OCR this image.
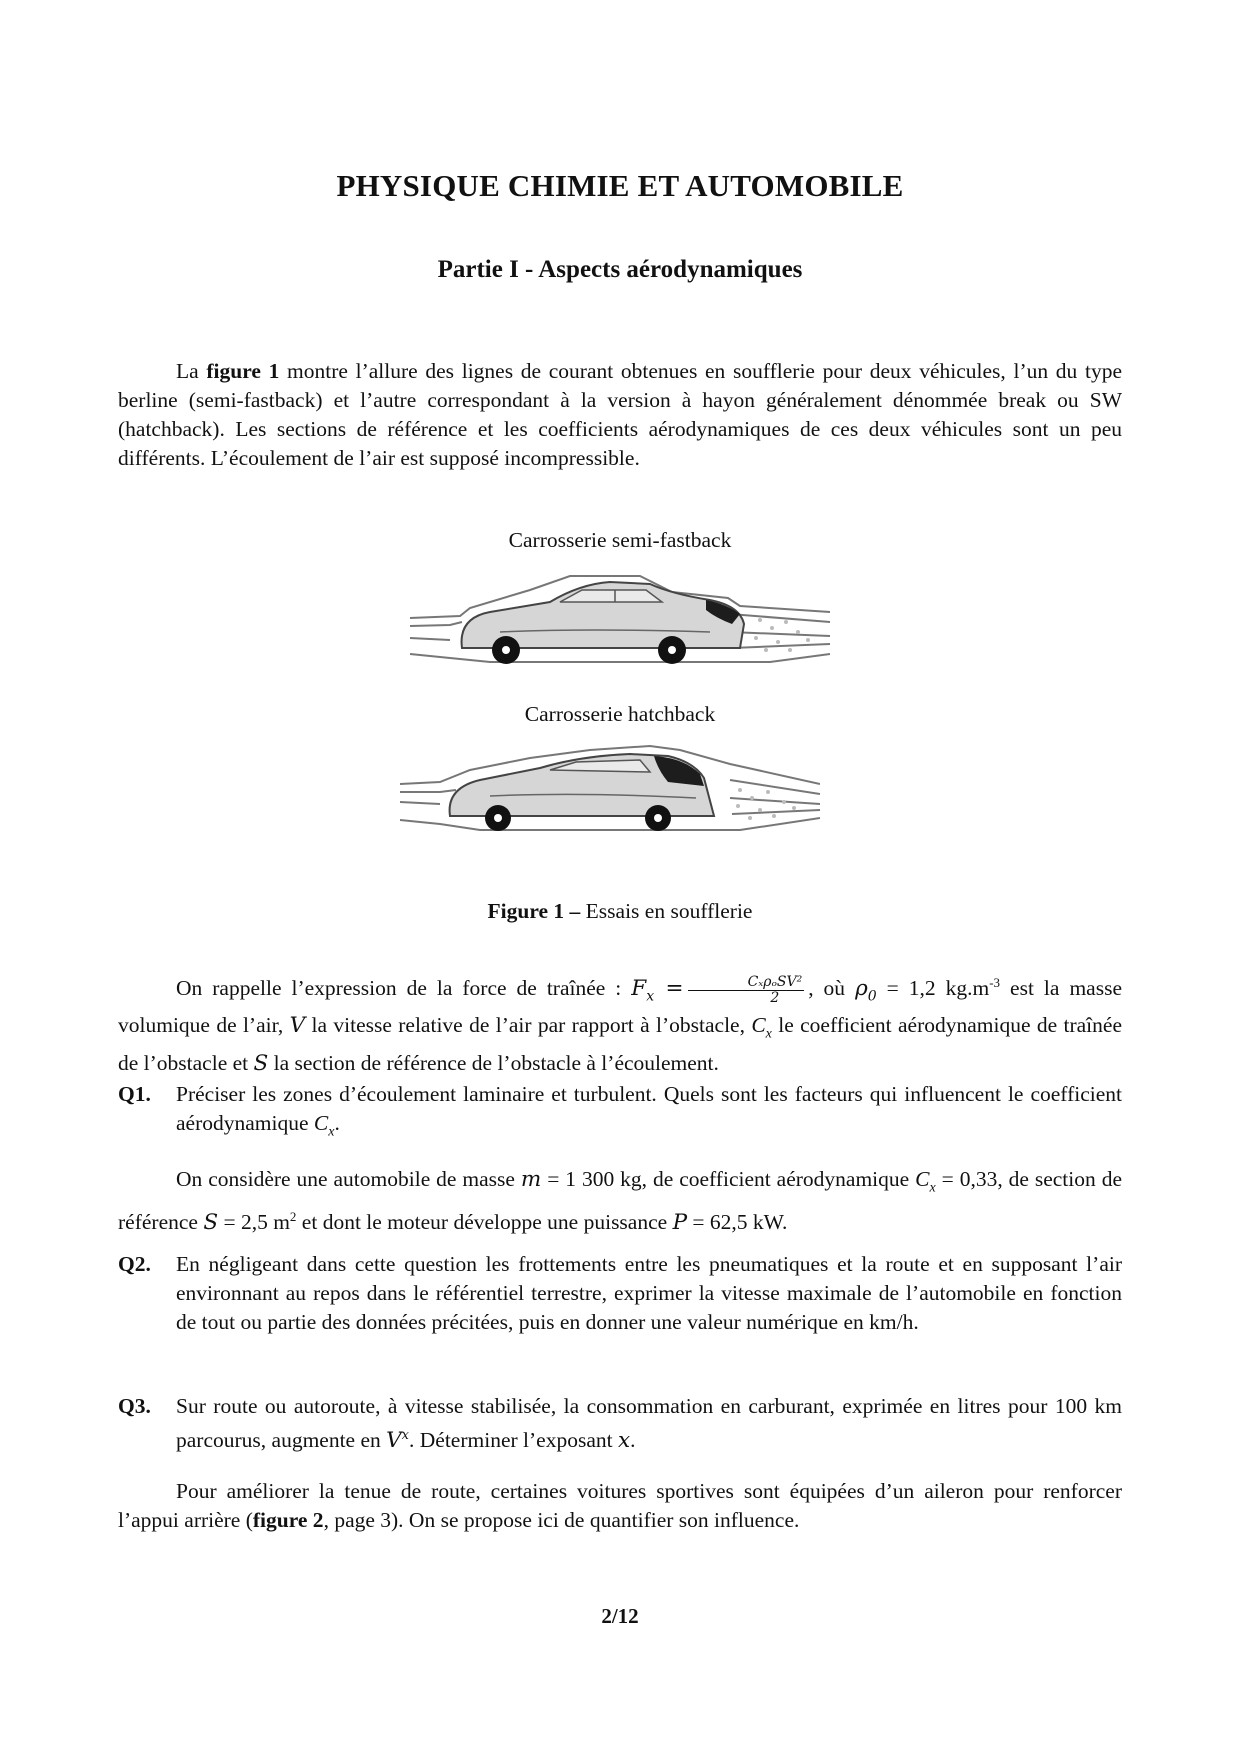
PHYSIQUE CHIMIE ET AUTOMOBILE
Partie I - Aspects aérodynamiques
La figure 1 montre l’allure des lignes de courant obtenues en soufflerie pour deux véhicules, l’un du type berline (semi-fastback) et l’autre correspondant à la version à hayon généralement dénommée break ou SW (hatchback). Les sections de référence et les coefficients aérodynamiques de ces deux véhicules sont un peu différents. L’écoulement de l’air est supposé incompressible.
Carrosserie semi-fastback
Carrosserie hatchback
Figure 1 – Essais en soufflerie
On rappelle l’expression de la force de traînée : $F_x = \frac{\text{CₓρₒSV²}}{2}$ , où $\rho_0 = 1,2$ $kg.m^{-3}$ est la masse volumique de l’air, V la vitesse relative de l’air par rapport à l’obstacle, $C_x$ le coefficient aérodynamique de traînée de l’obstacle et S la section de référence de l’obstacle à l’écoulement.
Q1. Préciser les zones d’écoulement laminaire et turbulent. Quels sont les facteurs qui influencent le coefficient aérodynamique $C_x$.
On considère une automobile de masse m = 1 300 kg, de coefficient aérodynamique $C_x = 0,33$, de section de référence S = 2,5 $m^2$ et dont le moteur développe une puissance P = 62,5 kW.
Q2. En négligeant dans cette question les frottements entre les pneumatiques et la route et en supposant l’air environnant au repos dans le référentiel terrestre, exprimer la vitesse maximale de l’automobile en fonction de tout ou partie des données précitées, puis en donner une valeur numérique en km/h.
Q3. Sur route ou autoroute, à vitesse stabilisée, la consommation en carburant, exprimée en litres pour 100 km parcourus, augmente en $V^x$. Déterminer l’exposant x.
Pour améliorer la tenue de route, certaines voitures sportives sont équipées d’un aileron pour renforcer l’appui arrière (figure 2, page 3). On se propose ici de quantifier son influence.
2/12
